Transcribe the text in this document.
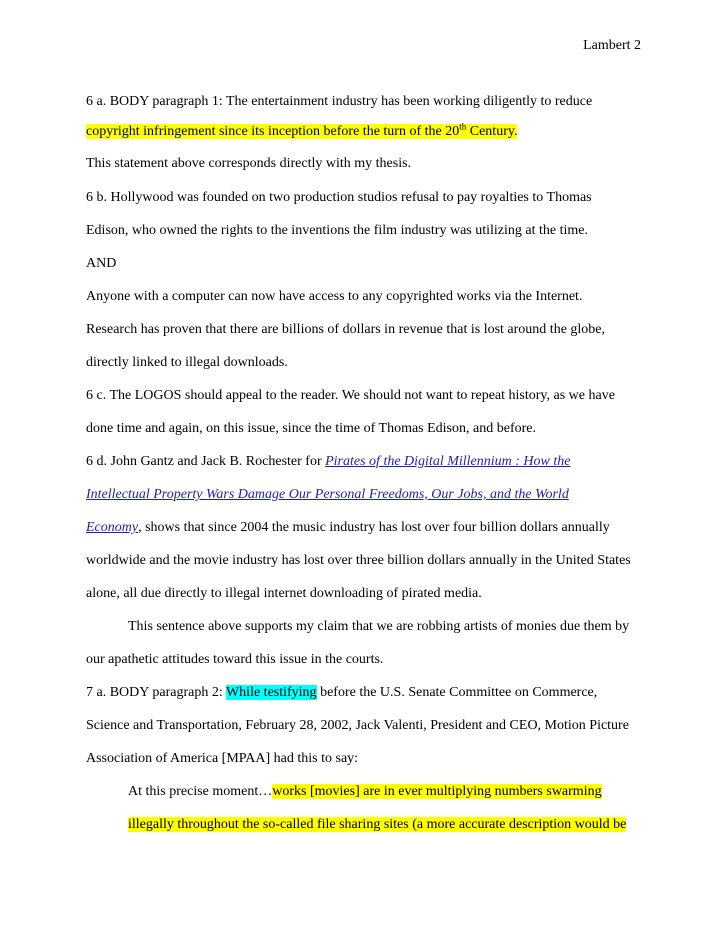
Lambert 2
6 a. BODY paragraph 1: The entertainment industry has been working diligently to reduce
copyright infringement since its inception before the turn of the 20th Century.
This statement above corresponds directly with my thesis.
6 b. Hollywood was founded on two production studios refusal to pay royalties to Thomas
Edison, who owned the rights to the inventions the film industry was utilizing at the time.
AND
Anyone with a computer can now have access to any copyrighted works via the Internet.
Research has proven that there are billions of dollars in revenue that is lost around the globe,
directly linked to illegal downloads.
6 c. The LOGOS should appeal to the reader. We should not want to repeat history, as we have
done time and again, on this issue, since the time of Thomas Edison, and before.
6 d. John Gantz and Jack B. Rochester for Pirates of the Digital Millennium : How the
Intellectual Property Wars Damage Our Personal Freedoms, Our Jobs, and the World
Economy, shows that since 2004 the music industry has lost over four billion dollars annually
worldwide and the movie industry has lost over three billion dollars annually in the United States
alone, all due directly to illegal internet downloading of pirated media.
This sentence above supports my claim that we are robbing artists of monies due them by
our apathetic attitudes toward this issue in the courts.
7 a. BODY paragraph 2: While testifying before the U.S. Senate Committee on Commerce,
Science and Transportation, February 28, 2002, Jack Valenti, President and CEO, Motion Picture
Association of America [MPAA] had this to say:
At this precise moment…works [movies] are in ever multiplying numbers swarming
illegally throughout the so-called file sharing sites (a more accurate description would be
